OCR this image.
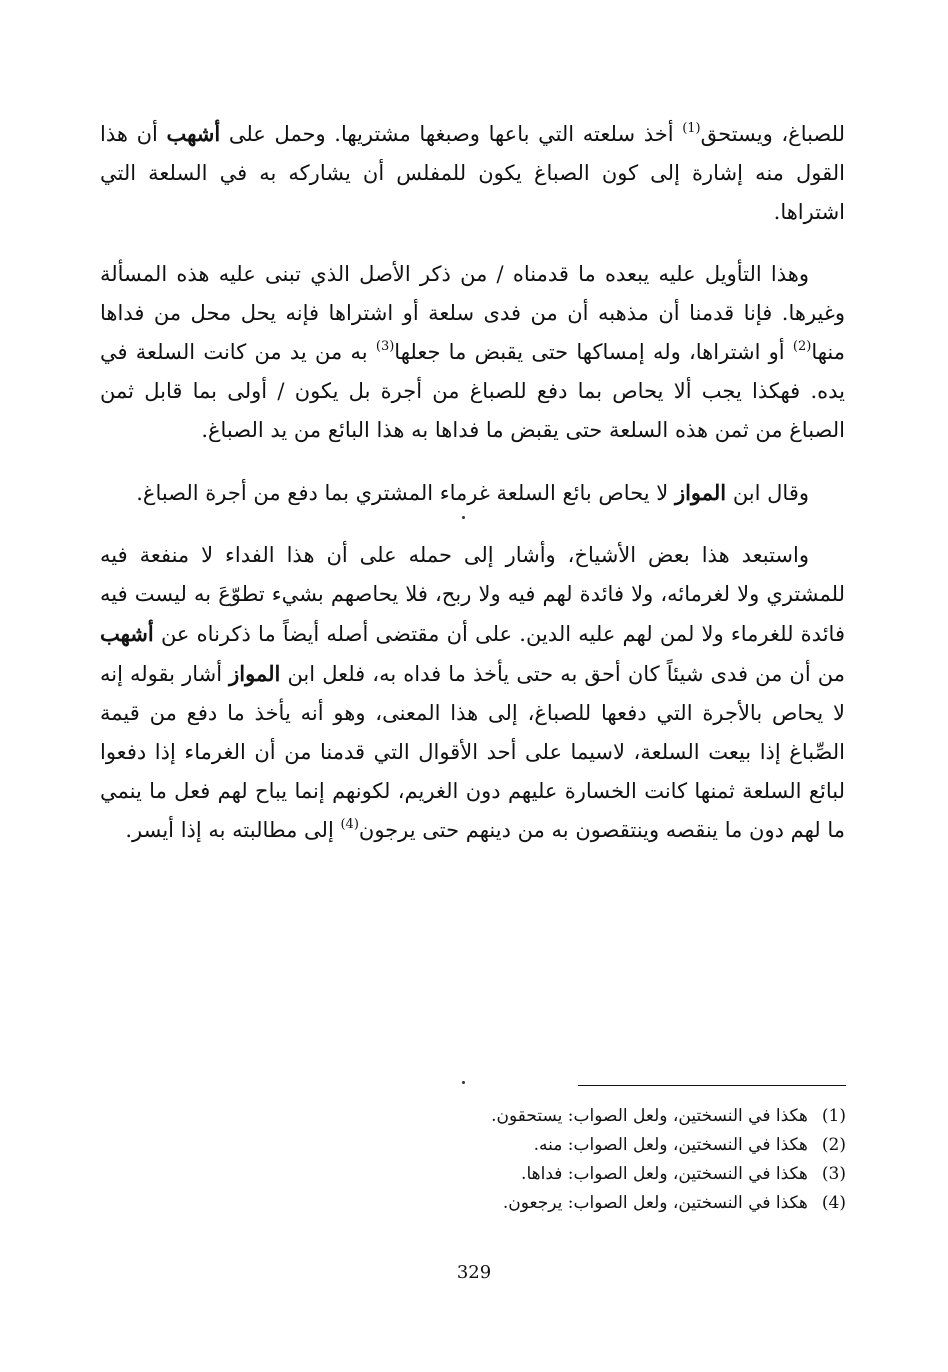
للصباغ، ويستحق$^{(1)}$ أخذ سلعته التي باعها وصبغها مشتريها. وحمل على أشهب أن هذا القول منه إشارة إلى كون الصباغ يكون للمفلس أن يشاركه به في السلعة التي اشتراها.

وهذا التأويل عليه يبعده ما قدمناه / من ذكر الأصل الذي تبنى عليه هذه المسألة وغيرها. فإنا قدمنا أن مذهبه أن من فدى سلعة أو اشتراها فإنه يحل محل من فداها منها$^{(2)}$ أو اشتراها، وله إمساكها حتى يقبض ما جعلها$^{(3)}$ به من يد من كانت السلعة في يده. فهكذا يجب ألا يحاص بما دفع للصباغ من أجرة بل يكون / أولى بما قابل ثمن الصباغ من ثمن هذه السلعة حتى يقبض ما فداها به هذا البائع من يد الصباغ.

وقال ابن المواز لا يحاص بائع السلعة غرماء المشتري بما دفع من أجرة الصباغ.

واستبعد هذا بعض الأشياخ، وأشار إلى حمله على أن هذا الفداء لا منفعة فيه للمشتري ولا لغرمائه، ولا فائدة لهم فيه ولا ربح، فلا يحاصهم بشيء تطوّعَ به ليست فيه فائدة للغرماء ولا لمن لهم عليه الدين. على أن مقتضى أصله أيضاً ما ذكرناه عن أشهب من أن من فدى شيئاً كان أحق به حتى يأخذ ما فداه به، فلعل ابن المواز أشار بقوله إنه لا يحاص بالأجرة التي دفعها للصباغ، إلى هذا المعنى، وهو أنه يأخذ ما دفع من قيمة الصِّباغ إذا بيعت السلعة، لاسيما على أحد الأقوال التي قدمنا من أن الغرماء إذا دفعوا لبائع السلعة ثمنها كانت الخسارة عليهم دون الغريم، لكونهم إنما يباح لهم فعل ما ينمي ما لهم دون ما ينقصه وينتقصون به من دينهم حتى يرجون$^{(4)}$ إلى مطالبته به إذا أيسر.

(1)هكذا في النسختين، ولعل الصواب: يستحقون.
(2)هكذا في النسختين، ولعل الصواب: منه.
(3)هكذا في النسختين، ولعل الصواب: فداها.
(4)هكذا في النسختين، ولعل الصواب: يرجعون.
329
